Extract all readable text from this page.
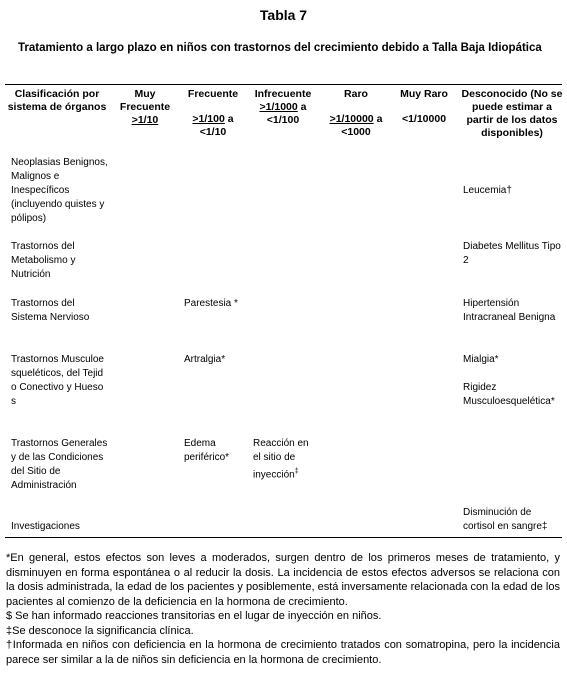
Tabla 7
Tratamiento a largo plazo en niños con trastornos del crecimiento debido a Talla Baja Idiopática
Clasificación por sistema de órganos
Muy Frecuente
>1/10
Frecuente
>1/100 a <1/10
Infrecuente
>1/1000 a <1/100
Raro
>1/10000 a <1000
Muy Raro
<1/10000
Desconocido (No se puede estimar a partir de los datos disponibles)
Neoplasias Benignos, Malignos e Inespecíficos (incluyendo quistes y pólipos)
Leucemia†
Trastornos del Metabolismo y Nutrición
Diabetes Mellitus Tipo 2
Trastornos del Sistema Nervioso
Parestesia *	Hipertensión Intracraneal Benigna
Trastornos Musculoesqueléticos, del Tejido Conectivo y Huesos
Artralgia*	Mialgia*
Rigidez Musculoesquelética*
Trastornos Generales y de las Condiciones del Sitio de Administración
Edema periférico*
Reacción en el sitio de inyección‡
Disminución de cortisol en sangre‡
Investigaciones

*En general, estos efectos son leves a moderados, surgen dentro de los primeros meses de tratamiento, y disminuyen en forma espontánea o al reducir la dosis. La incidencia de estos efectos adversos se relaciona con la dosis administrada, la edad de los pacientes y posiblemente, está inversamente relacionada con la edad de los pacientes al comienzo de la deficiencia en la hormona de crecimiento.

$ Se han informado reacciones transitorias en el lugar de inyección en niños.

‡Se desconoce la significancia clínica.

†Informada en niños con deficiencia en la hormona de crecimiento tratados con somatropina, pero la incidencia parece ser similar a la de niños sin deficiencia en la hormona de crecimiento.
